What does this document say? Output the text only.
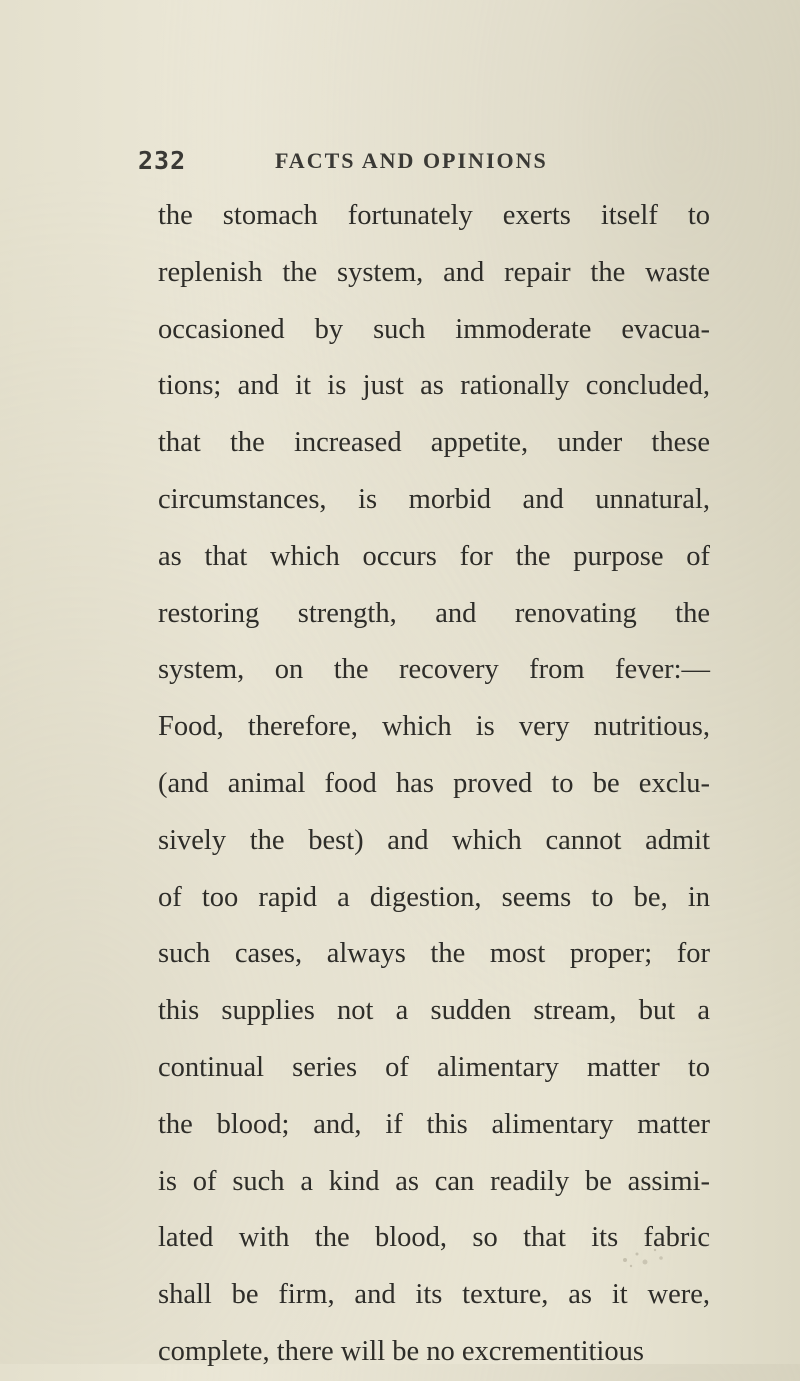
232	FACTS AND OPINIONS
the stomach fortunately exerts itself to
replenish the system, and repair the waste
occasioned by such immoderate evacua-
tions; and it is just as rationally concluded,
that the increased appetite, under these
circumstances, is morbid and unnatural,
as that which occurs for the purpose of
restoring strength, and renovating the
system, on the recovery from fever:—
Food, therefore, which is very nutritious,
(and animal food has proved to be exclu-
sively the best) and which cannot admit
of too rapid a digestion, seems to be, in
such cases, always the most proper; for
this supplies not a sudden stream, but a
continual series of alimentary matter to
the blood; and, if this alimentary matter
is of such a kind as can readily be assimi-
lated with the blood, so that its fabric
shall be firm, and its texture, as it were,
complete, there will be no excrementitious
